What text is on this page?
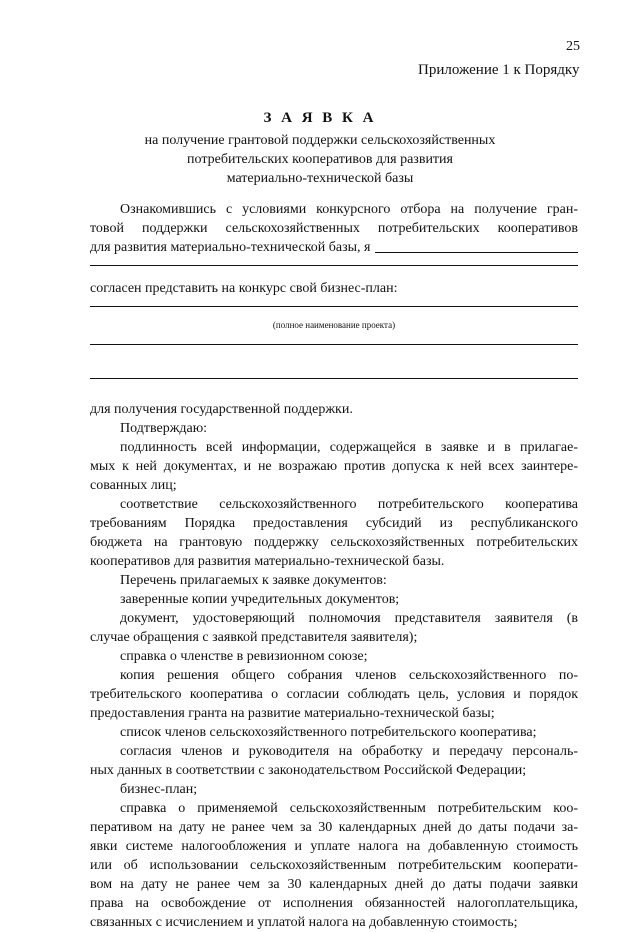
25
Приложение 1 к Порядку
З А Я В К А
на получение грантовой поддержки сельскохозяйственных
потребительских кооперативов для развития
материально-технической базы
Ознакомившись с условиями конкурсного отбора на получение гран-
товой поддержки сельскохозяйственных потребительских кооперативов
для развития материально-технической базы, я
согласен представить на конкурс свой бизнес-план:
(полное наименование проекта)
для получения государственной поддержки.
Подтверждаю:
подлинность всей информации, содержащейся в заявке и в прилагае-
мых к ней документах, и не возражаю против допуска к ней всех заинтере-
сованных лиц;
соответствие сельскохозяйственного потребительского кооператива
требованиям Порядка предоставления субсидий из республиканского
бюджета на грантовую поддержку сельскохозяйственных потребительских
кооперативов для развития материально-технической базы.
Перечень прилагаемых к заявке документов:
заверенные копии учредительных документов;
документ, удостоверяющий полномочия представителя заявителя (в
случае обращения с заявкой представителя заявителя);
справка о членстве в ревизионном союзе;
копия решения общего собрания членов сельскохозяйственного по-
требительского кооператива о согласии соблюдать цель, условия и порядок
предоставления гранта на развитие материально-технической базы;
список членов сельскохозяйственного потребительского кооператива;
согласия членов и руководителя на обработку и передачу персональ-
ных данных в соответствии с законодательством Российской Федерации;
бизнес-план;
справка о применяемой сельскохозяйственным потребительским коо-
перативом на дату не ранее чем за 30 календарных дней до даты подачи за-
явки системе налогообложения и уплате налога на добавленную стоимость
или об использовании сельскохозяйственным потребительским кооперати-
вом на дату не ранее чем за 30 календарных дней до даты подачи заявки
права на освобождение от исполнения обязанностей налогоплательщика,
связанных с исчислением и уплатой налога на добавленную стоимость;
